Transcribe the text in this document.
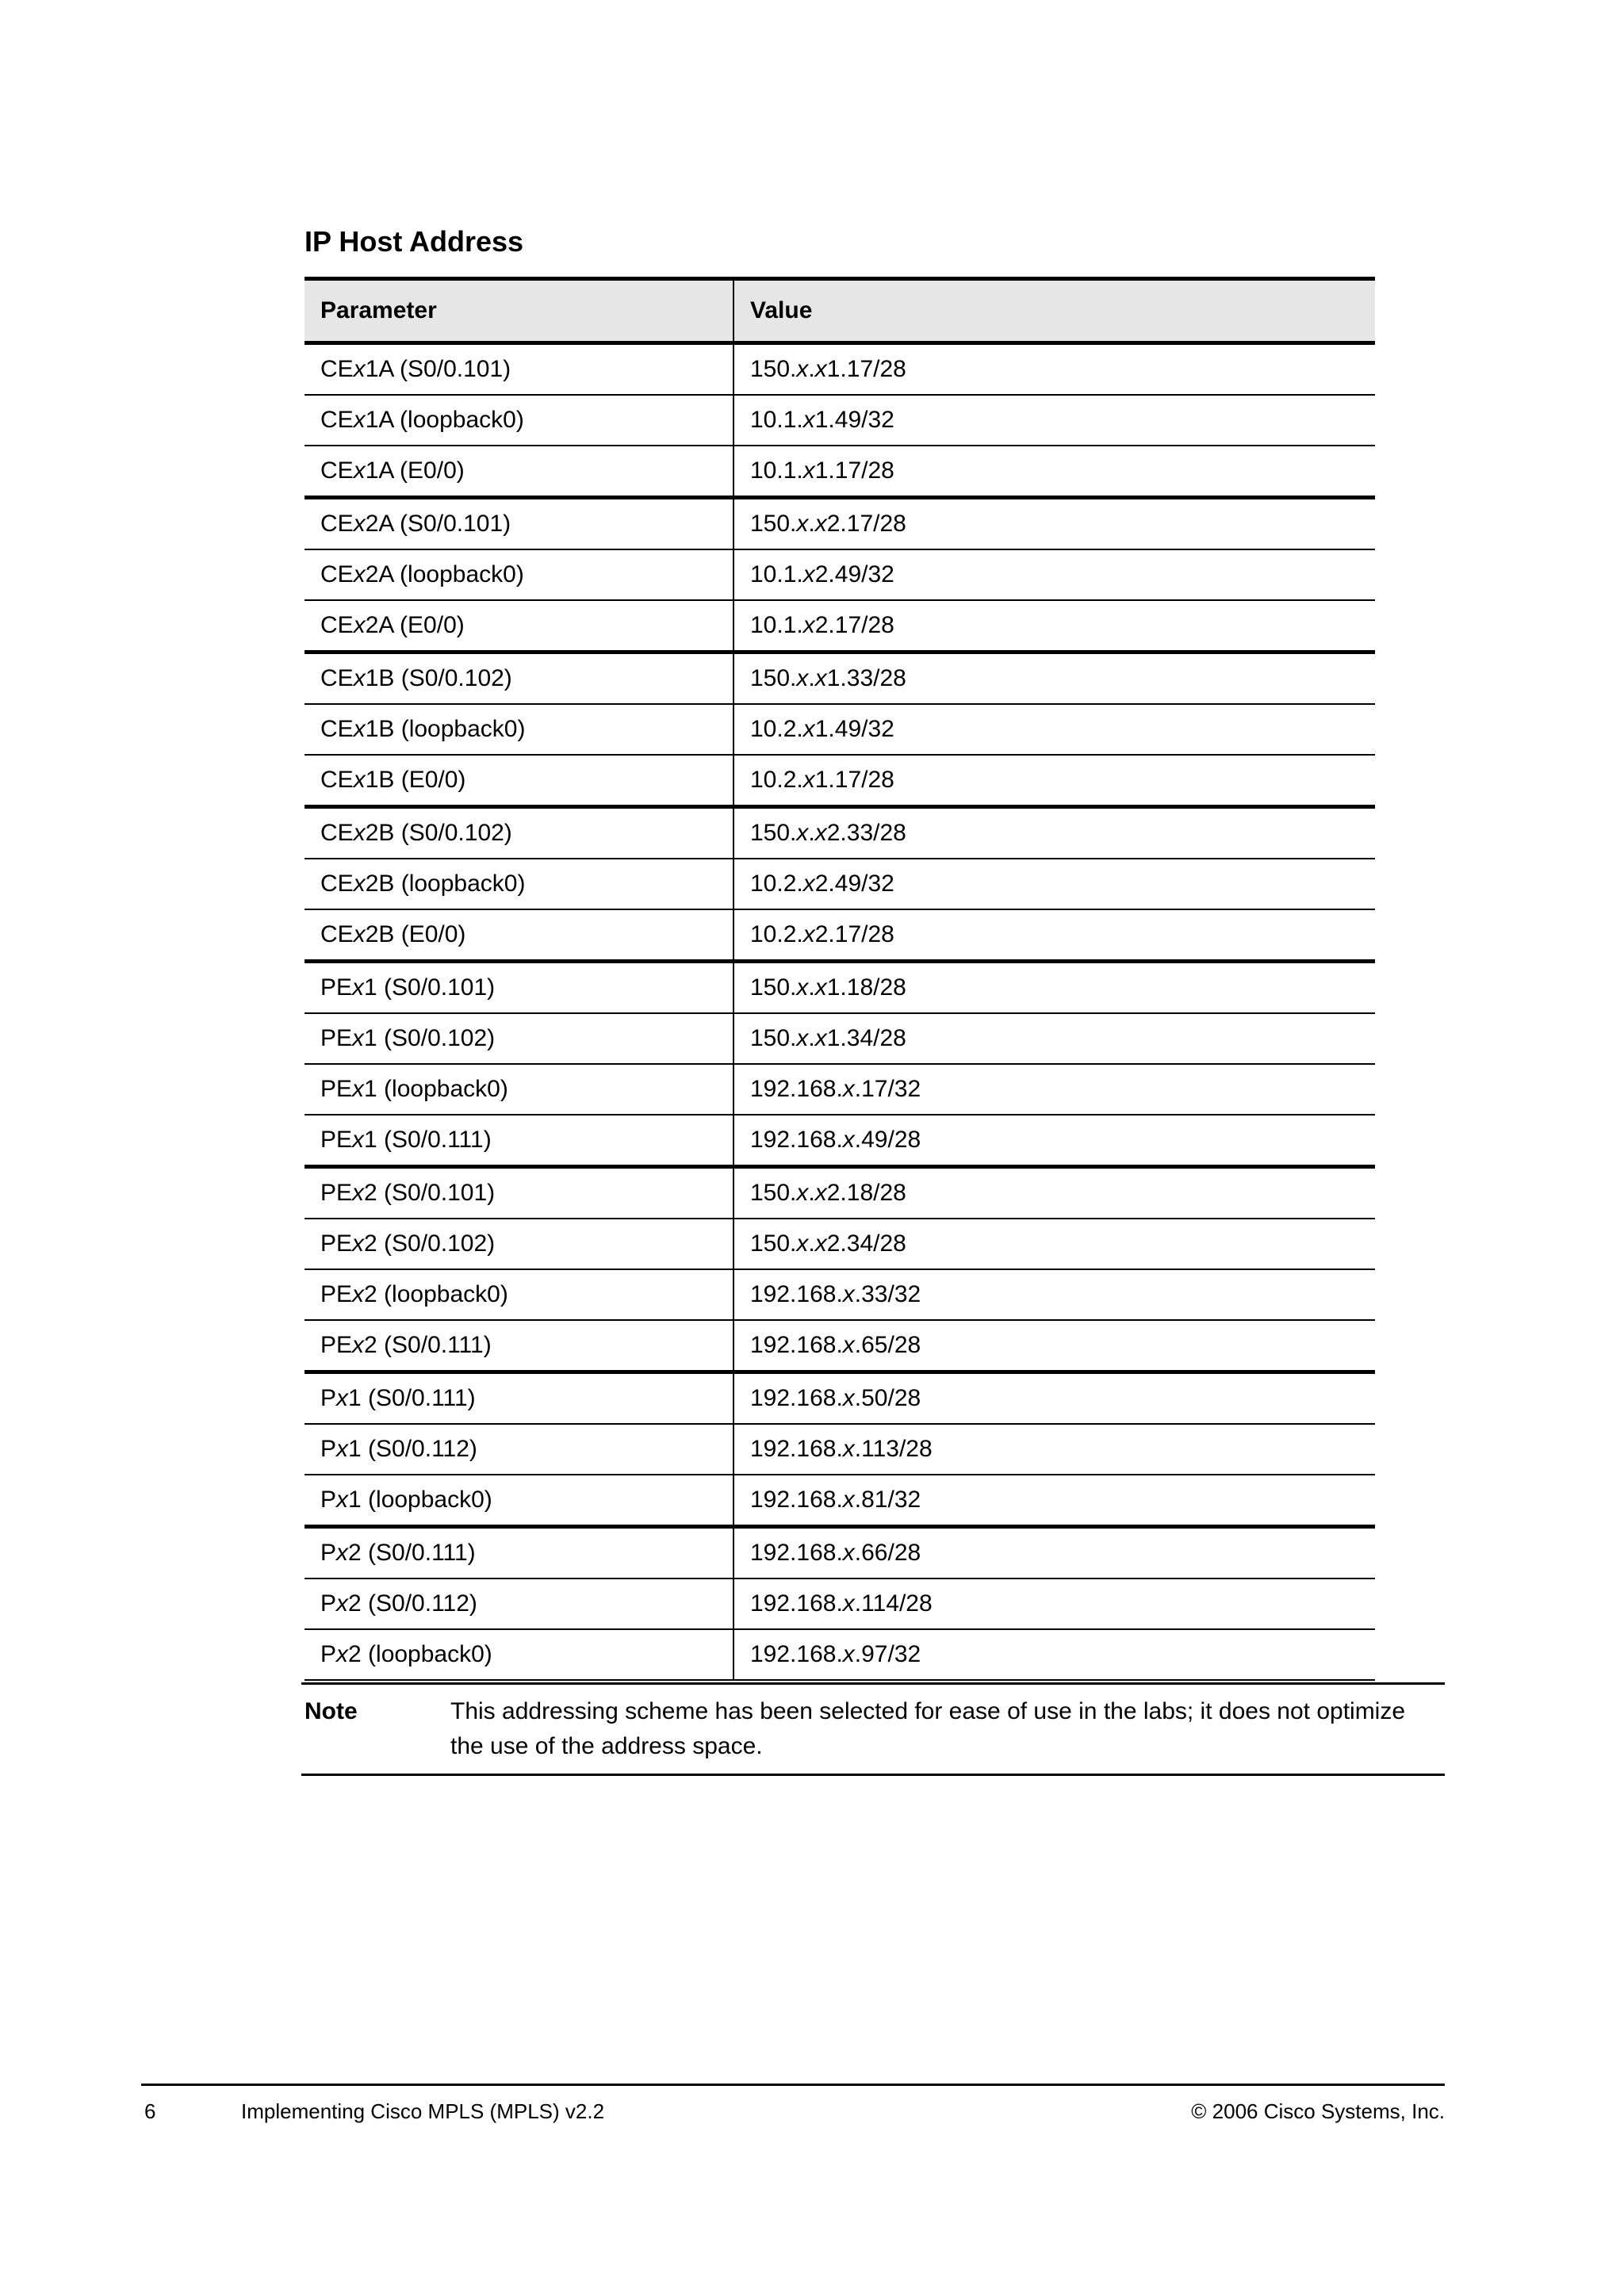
IP Host Address
Parameter	Value
CEx1A (S0/0.101)	150.x.x1.17/28
CEx1A (loopback0)	10.1.x1.49/32
CEx1A (E0/0)	10.1.x1.17/28
CEx2A (S0/0.101)	150.x.x2.17/28
CEx2A (loopback0)	10.1.x2.49/32
CEx2A (E0/0)	10.1.x2.17/28
CEx1B (S0/0.102)	150.x.x1.33/28
CEx1B (loopback0)	10.2.x1.49/32
CEx1B (E0/0)	10.2.x1.17/28
CEx2B (S0/0.102)	150.x.x2.33/28
CEx2B (loopback0)	10.2.x2.49/32
CEx2B (E0/0)	10.2.x2.17/28
PEx1 (S0/0.101)	150.x.x1.18/28
PEx1 (S0/0.102)	150.x.x1.34/28
PEx1 (loopback0)	192.168.x.17/32
PEx1 (S0/0.111)	192.168.x.49/28
PEx2 (S0/0.101)	150.x.x2.18/28
PEx2 (S0/0.102)	150.x.x2.34/28
PEx2 (loopback0)	192.168.x.33/32
PEx2 (S0/0.111)	192.168.x.65/28
Px1 (S0/0.111)	192.168.x.50/28
Px1 (S0/0.112)	192.168.x.113/28
Px1 (loopback0)	192.168.x.81/32
Px2 (S0/0.111)	192.168.x.66/28
Px2 (S0/0.112)	192.168.x.114/28
Px2 (loopback0)	192.168.x.97/32
Note	This addressing scheme has been selected for ease of use in the labs; it does not optimize the use of the address space.
6	Implementing Cisco MPLS (MPLS) v2.2	© 2006 Cisco Systems, Inc.
